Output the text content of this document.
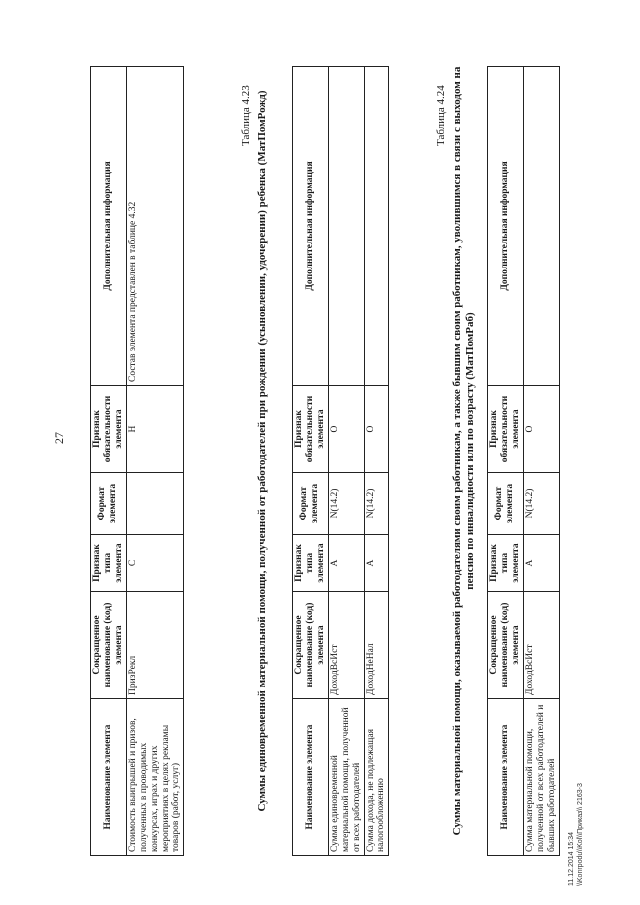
27
Наименование элемента	Сокращенное наименование (код) элемента	Признак типа элемента	Формат элемента	Признак обязательности элемента	Дополнительная информация
Стоимость выигрышей и призов, полученных в проводимых конкурсах, играх и других мероприятиях в целях рекламы товаров (работ, услуг)	ПризРекл	С		Н	Состав элемента представлен в таблице 4.32
Таблица 4.23 Суммы единовременной материальной помощи, полученной от работодателей при рождении (усыновлении, удочерении) ребенка (МатПомРожд)	Наименование элемента	Сокращенное наименование (код) элемента	Признак типа элемента	Формат элемента	Признак обязательности элемента	Дополнительная информация
Сумма единовременной материальной помощи, полученной от всех работодателей	ДоходВсИст	А	N(14.2)	О	
Сумма дохода, не подлежащая налогообложению	ДоходНеНал	А	N(14.2)	О	
Таблица 4.24 Суммы материальной помощи, оказываемой работодателями своим работникам, а также бывшим своим работникам, уволившимся в связи с выходом на пенсию по инвалидности или по возрасту (МатПомРаб)
Наименование элемента	Сокращенное наименование (код) элемента	Признак типа элемента	Формат элемента	Признак обязательности элемента	Дополнительная информация
Сумма материальной помощи, полученной от всех работодателей и бывших работодателей	ДоходВсИст	А	N(14.2)	О	
11.12.2014 15:34 \\Konrpodu\\Kol\\Приказ\\ 2163-3
